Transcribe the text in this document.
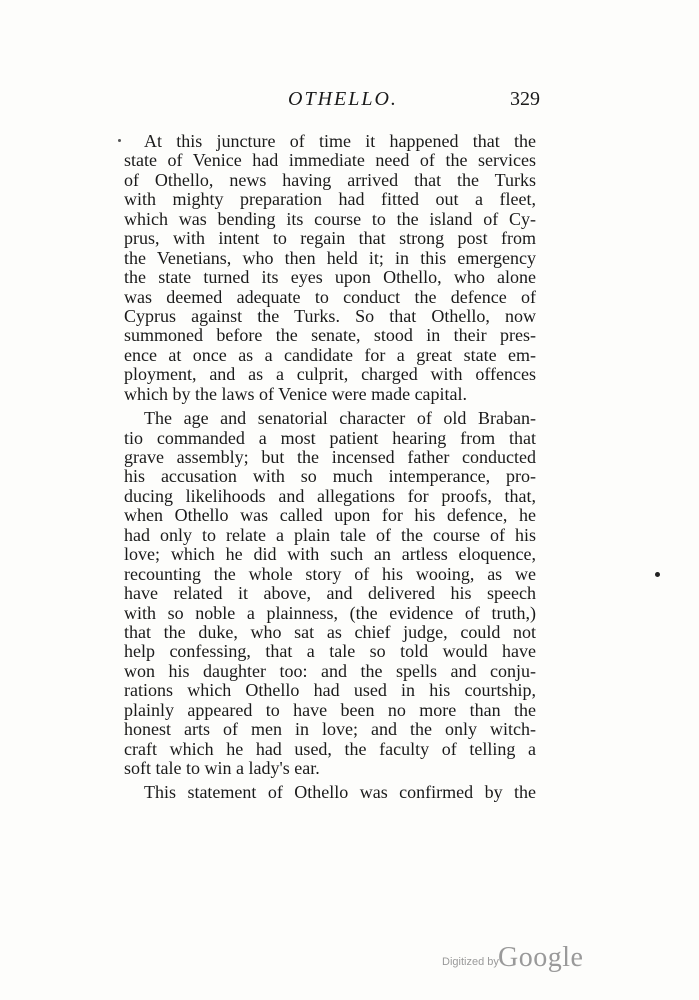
OTHELLO.	329
At this juncture of time it happened that the
state of Venice had immediate need of the services
of Othello, news having arrived that the Turks
with mighty preparation had fitted out a fleet,
which was bending its course to the island of Cy-
prus, with intent to regain that strong post from
the Venetians, who then held it; in this emergency
the state turned its eyes upon Othello, who alone
was deemed adequate to conduct the defence of
Cyprus against the Turks. So that Othello, now
summoned before the senate, stood in their pres-
ence at once as a candidate for a great state em-
ployment, and as a culprit, charged with offences
which by the laws of Venice were made capital.
The age and senatorial character of old Braban-
tio commanded a most patient hearing from that
grave assembly; but the incensed father conducted
his accusation with so much intemperance, pro-
ducing likelihoods and allegations for proofs, that,
when Othello was called upon for his defence, he
had only to relate a plain tale of the course of his
love; which he did with such an artless eloquence,
recounting the whole story of his wooing, as we
have related it above, and delivered his speech
with so noble a plainness, (the evidence of truth,)
that the duke, who sat as chief judge, could not
help confessing, that a tale so told would have
won his daughter too: and the spells and conju-
rations which Othello had used in his courtship,
plainly appeared to have been no more than the
honest arts of men in love; and the only witch-
craft which he had used, the faculty of telling a
soft tale to win a lady's ear.
This statement of Othello was confirmed by the
Digitized by Google
